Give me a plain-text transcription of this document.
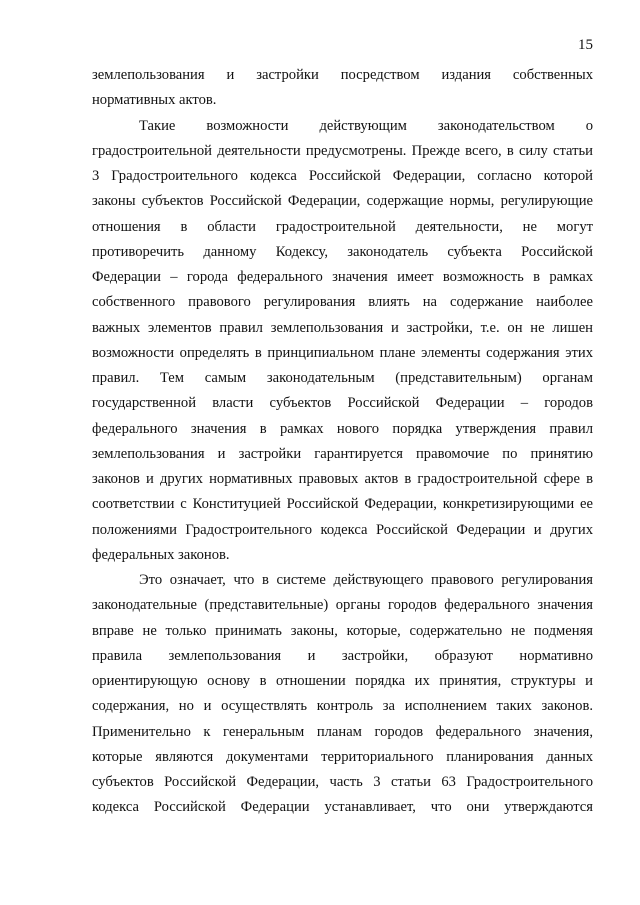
15
землепользования и застройки посредством издания собственных
нормативных актов.
Такие возможности действующим законодательством о
градостроительной деятельности предусмотрены. Прежде всего, в силу статьи
3 Градостроительного кодекса Российской Федерации, согласно которой
законы субъектов Российской Федерации, содержащие нормы, регулирующие
отношения в области градостроительной деятельности, не могут
противоречить данному Кодексу, законодатель субъекта Российской
Федерации – города федерального значения имеет возможность в рамках
собственного правового регулирования влиять на содержание наиболее
важных элементов правил землепользования и застройки, т.е. он не лишен
возможности определять в принципиальном плане элементы содержания этих
правил. Тем самым законодательным (представительным) органам
государственной власти субъектов Российской Федерации – городов
федерального значения в рамках нового порядка утверждения правил
землепользования и застройки гарантируется правомочие по принятию
законов и других нормативных правовых актов в градостроительной сфере в
соответствии с Конституцией Российской Федерации, конкретизирующими ее
положениями Градостроительного кодекса Российской Федерации и других
федеральных законов.
Это означает, что в системе действующего правового регулирования
законодательные (представительные) органы городов федерального значения
вправе не только принимать законы, которые, содержательно не подменяя
правила землепользования и застройки, образуют нормативно
ориентирующую основу в отношении порядка их принятия, структуры и
содержания, но и осуществлять контроль за исполнением таких законов.
Применительно к генеральным планам городов федерального значения,
которые являются документами территориального планирования данных
субъектов Российской Федерации, часть 3 статьи 63 Градостроительного
кодекса Российской Федерации устанавливает, что они утверждаются
